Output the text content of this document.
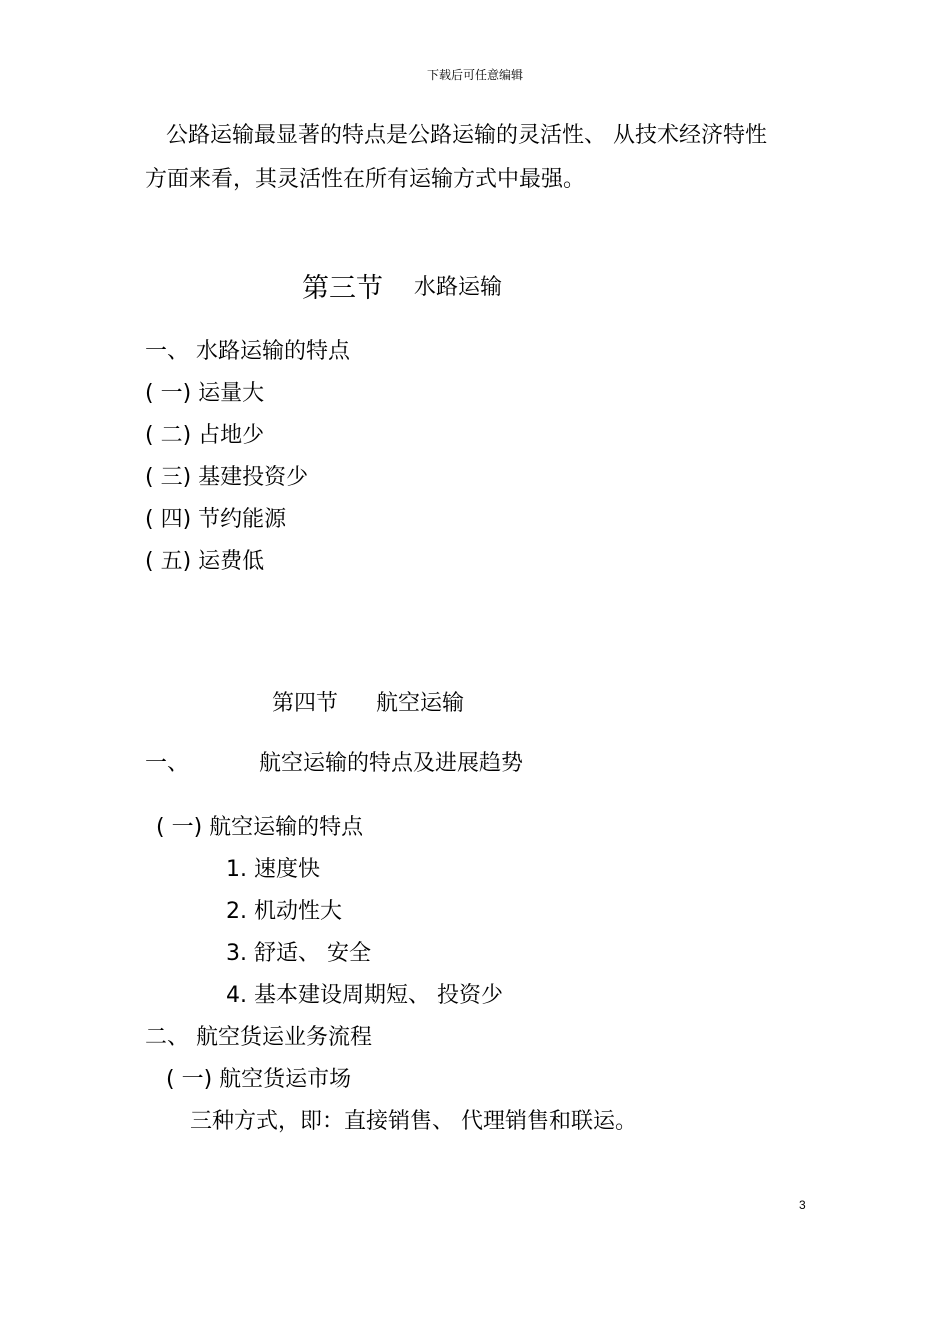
下载后可任意编辑
公路运输最显著的特点是公路运输的灵活性、 从技术经济特性
方面来看，其灵活性在所有运输方式中最强。
第三节 水路运输
一、 水路运输的特点
( 一) 运量大
( 二) 占地少
( 三) 基建投资少
( 四) 节约能源
( 五) 运费低
第四节 航空运输
一、	航空运输的特点及进展趋势
( 一) 航空运输的特点
1. 速度快
2. 机动性大
3. 舒适、 安全
4. 基本建设周期短、 投资少
二、 航空货运业务流程
( 一) 航空货运市场
三种方式，即：直接销售、 代理销售和联运。
3
